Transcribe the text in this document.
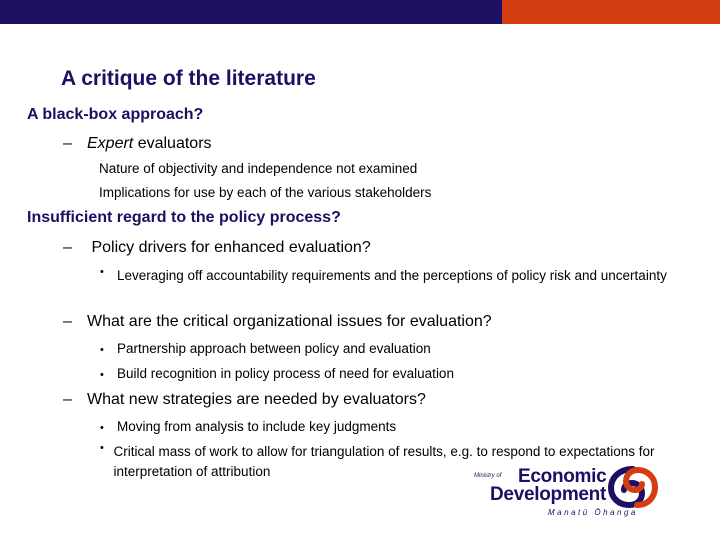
A critique of the literature
A black-box approach?
– Expert evaluators
Nature of objectivity and independence not examined
Implications for use by each of the various stakeholders
Insufficient regard to the policy process?
– Policy drivers for enhanced evaluation?
• Leveraging off accountability requirements and the perceptions of policy risk and uncertainty
– What are the critical organizational issues for evaluation?
• Partnership approach between policy and evaluation
• Build recognition in policy process of need for evaluation
– What new strategies are needed by evaluators?
• Moving from analysis to include key judgments
• Critical mass of work to allow for triangulation of results, e.g. to respond to expectations for interpretation of attribution	Ministry of Economic
Development
Manatū Ōhanga
